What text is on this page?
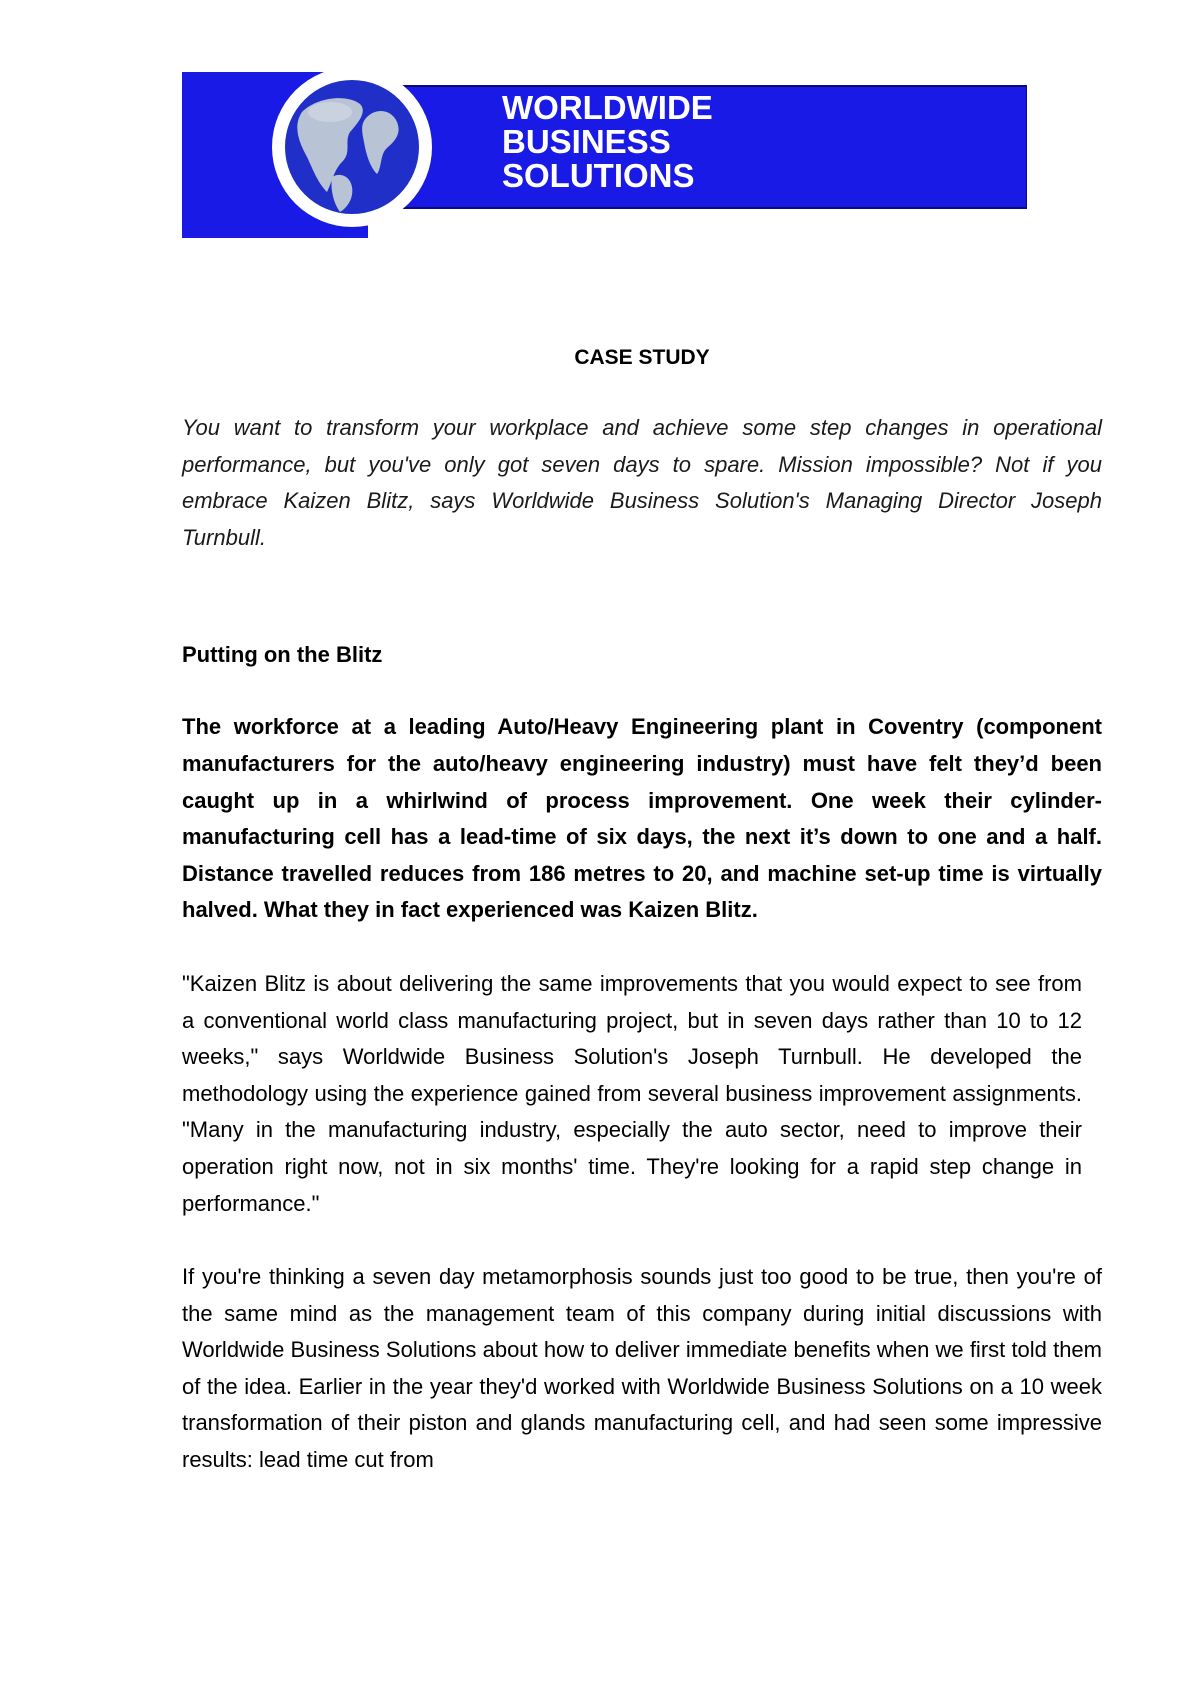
WORLDWIDE
BUSINESS
SOLUTIONS
CASE STUDY

You want to transform your workplace and achieve some step changes in operational performance, but you've only got seven days to spare. Mission impossible? Not if you embrace Kaizen Blitz, says Worldwide Business Solution's Managing Director Joseph Turnbull.

Putting on the Blitz

The workforce at a leading Auto/Heavy Engineering plant in Coventry (component manufacturers for the auto/heavy engineering industry) must have felt they’d been caught up in a whirlwind of process improvement. One week their cylinder-manufacturing cell has a lead-time of six days, the next it’s down to one and a half. Distance travelled reduces from 186 metres to 20, and machine set-up time is virtually halved. What they in fact experienced was Kaizen Blitz.

"Kaizen Blitz is about delivering the same improvements that you would expect to see from a conventional world class manufacturing project, but in seven days rather than 10 to 12 weeks," says Worldwide Business Solution's Joseph Turnbull. He developed the methodology using the experience gained from several business improvement assignments. "Many in the manufacturing industry, especially the auto sector, need to improve their operation right now, not in six months' time. They're looking for a rapid step change in performance."

If you're thinking a seven day metamorphosis sounds just too good to be true, then you're of the same mind as the management team of this company during initial discussions with Worldwide Business Solutions about how to deliver immediate benefits when we first told them of the idea. Earlier in the year they'd worked with Worldwide Business Solutions on a 10 week transformation of their piston and glands manufacturing cell, and had seen some impressive results: lead time cut from
